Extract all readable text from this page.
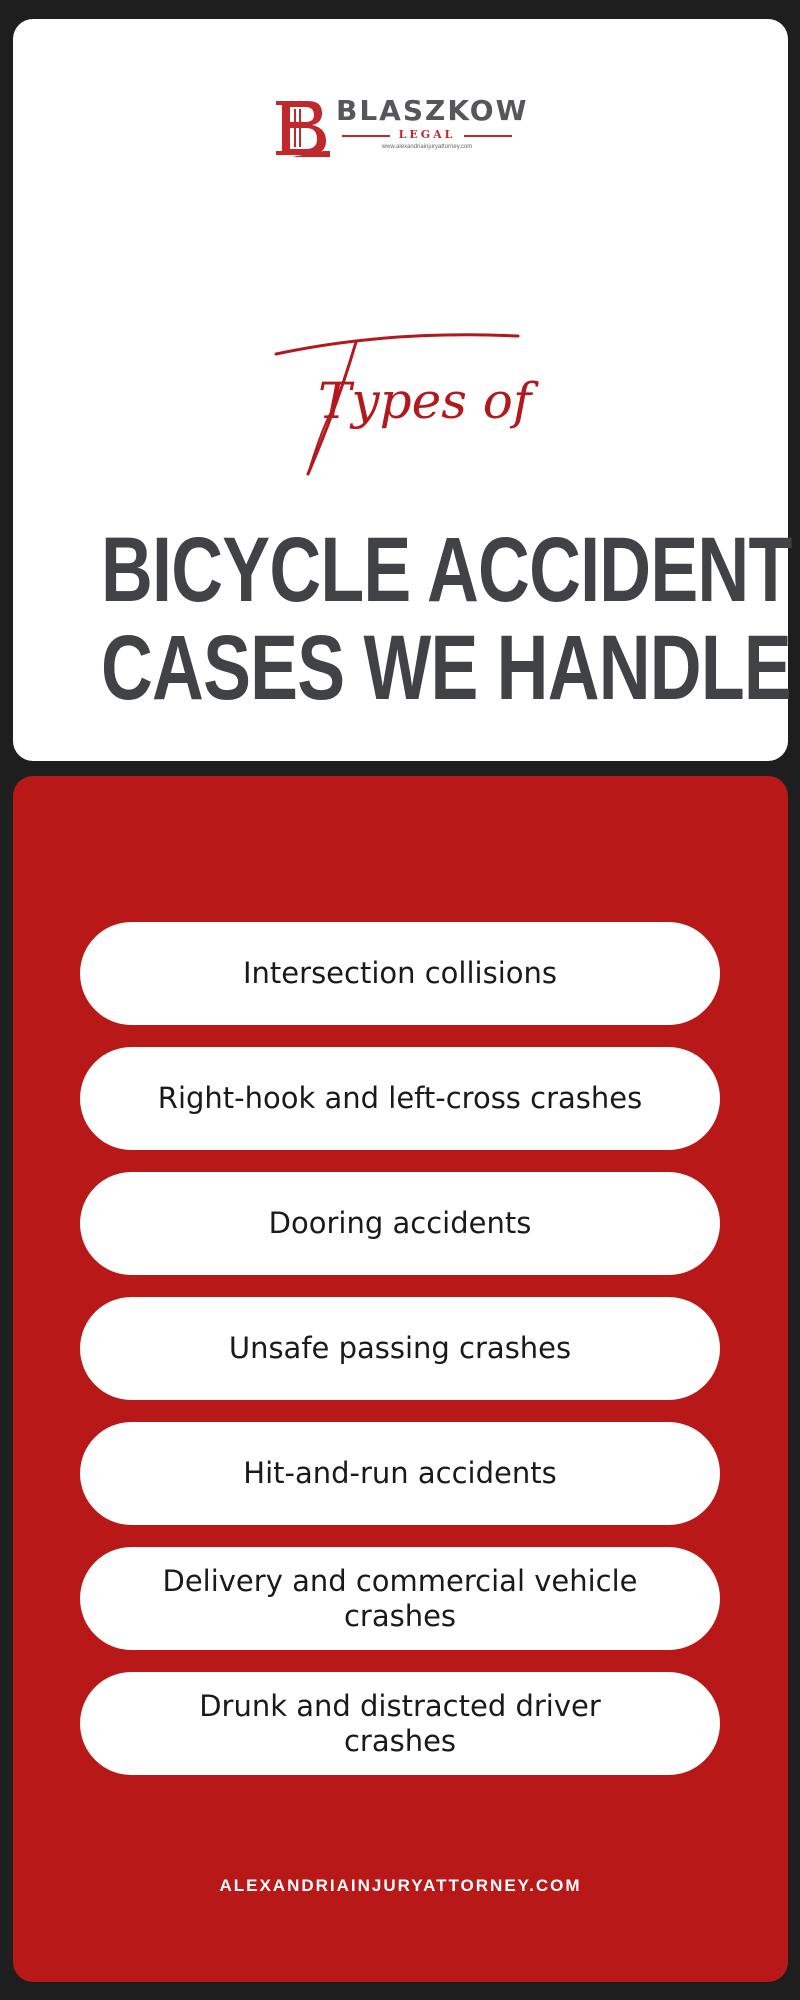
BLASZKOW
LEGAL
www.alexandriainjuryattorney.com
Types of
BICYCLE ACCIDENT
CASES WE HANDLE
Intersection collisions
Right-hook and left-cross crashes
Dooring accidents
Unsafe passing crashes
Hit-and-run accidents
Delivery and commercial vehicle crashes
Drunk and distracted driver crashes
ALEXANDRIAINJURYATTORNEY.COM
